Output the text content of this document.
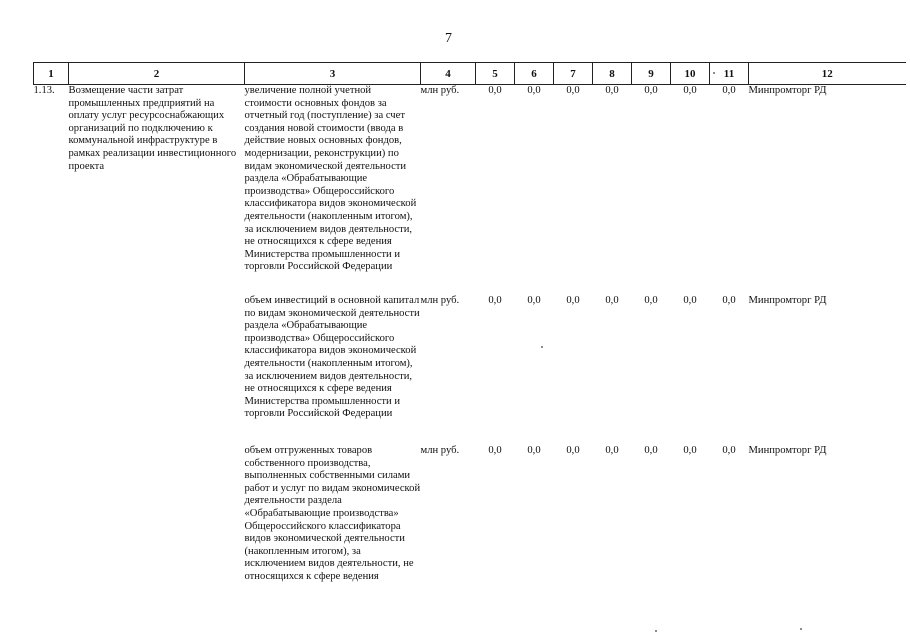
7
1	2	3	4	5	6	7	8	9	10	11	12
1.13.	Возмещение части затрат промышленных предприятий на оплату услуг ресурсоснабжающих организаций по подключению к коммунальной инфраструктуре в рамках реализации инвестиционного проекта	увеличение полной учетной стоимости основных фондов за отчетный год (поступление) за счет создания новой стоимости (ввода в действие новых основных фондов, модернизации, реконструкции) по видам экономической деятельности раздела «Обрабатывающие производства» Общероссийского классификатора видов экономической деятельности (накопленным итогом), за исключением видов деятельности, не относящихся к сфере ведения Министерства промышленности и торговли Российской Федерации	млн руб.	0,0	0,0	0,0	0,0	0,0	0,0	0,0	Минпромторг РД
		объем инвестиций в основной капитал по видам экономической деятельности раздела «Обрабатывающие производства» Общероссийского классификатора видов экономической деятельности (накопленным итогом), за исключением видов деятельности, не относящихся к сфере ведения Министерства промышленности и торговли Российской Федерации	млн руб.	0,0	0,0	0,0	0,0	0,0	0,0	0,0	Минпромторг РД
		объем отгруженных товаров собственного производства, выполненных собственными силами работ и услуг по видам экономической деятельности раздела «Обрабатывающие производства» Общероссийского классификатора видов экономической деятельности (накопленным итогом), за исключением видов деятельности, не относящихся к сфере ведения	млн руб.	0,0	0,0	0,0	0,0	0,0	0,0	0,0	Минпромторг РД
